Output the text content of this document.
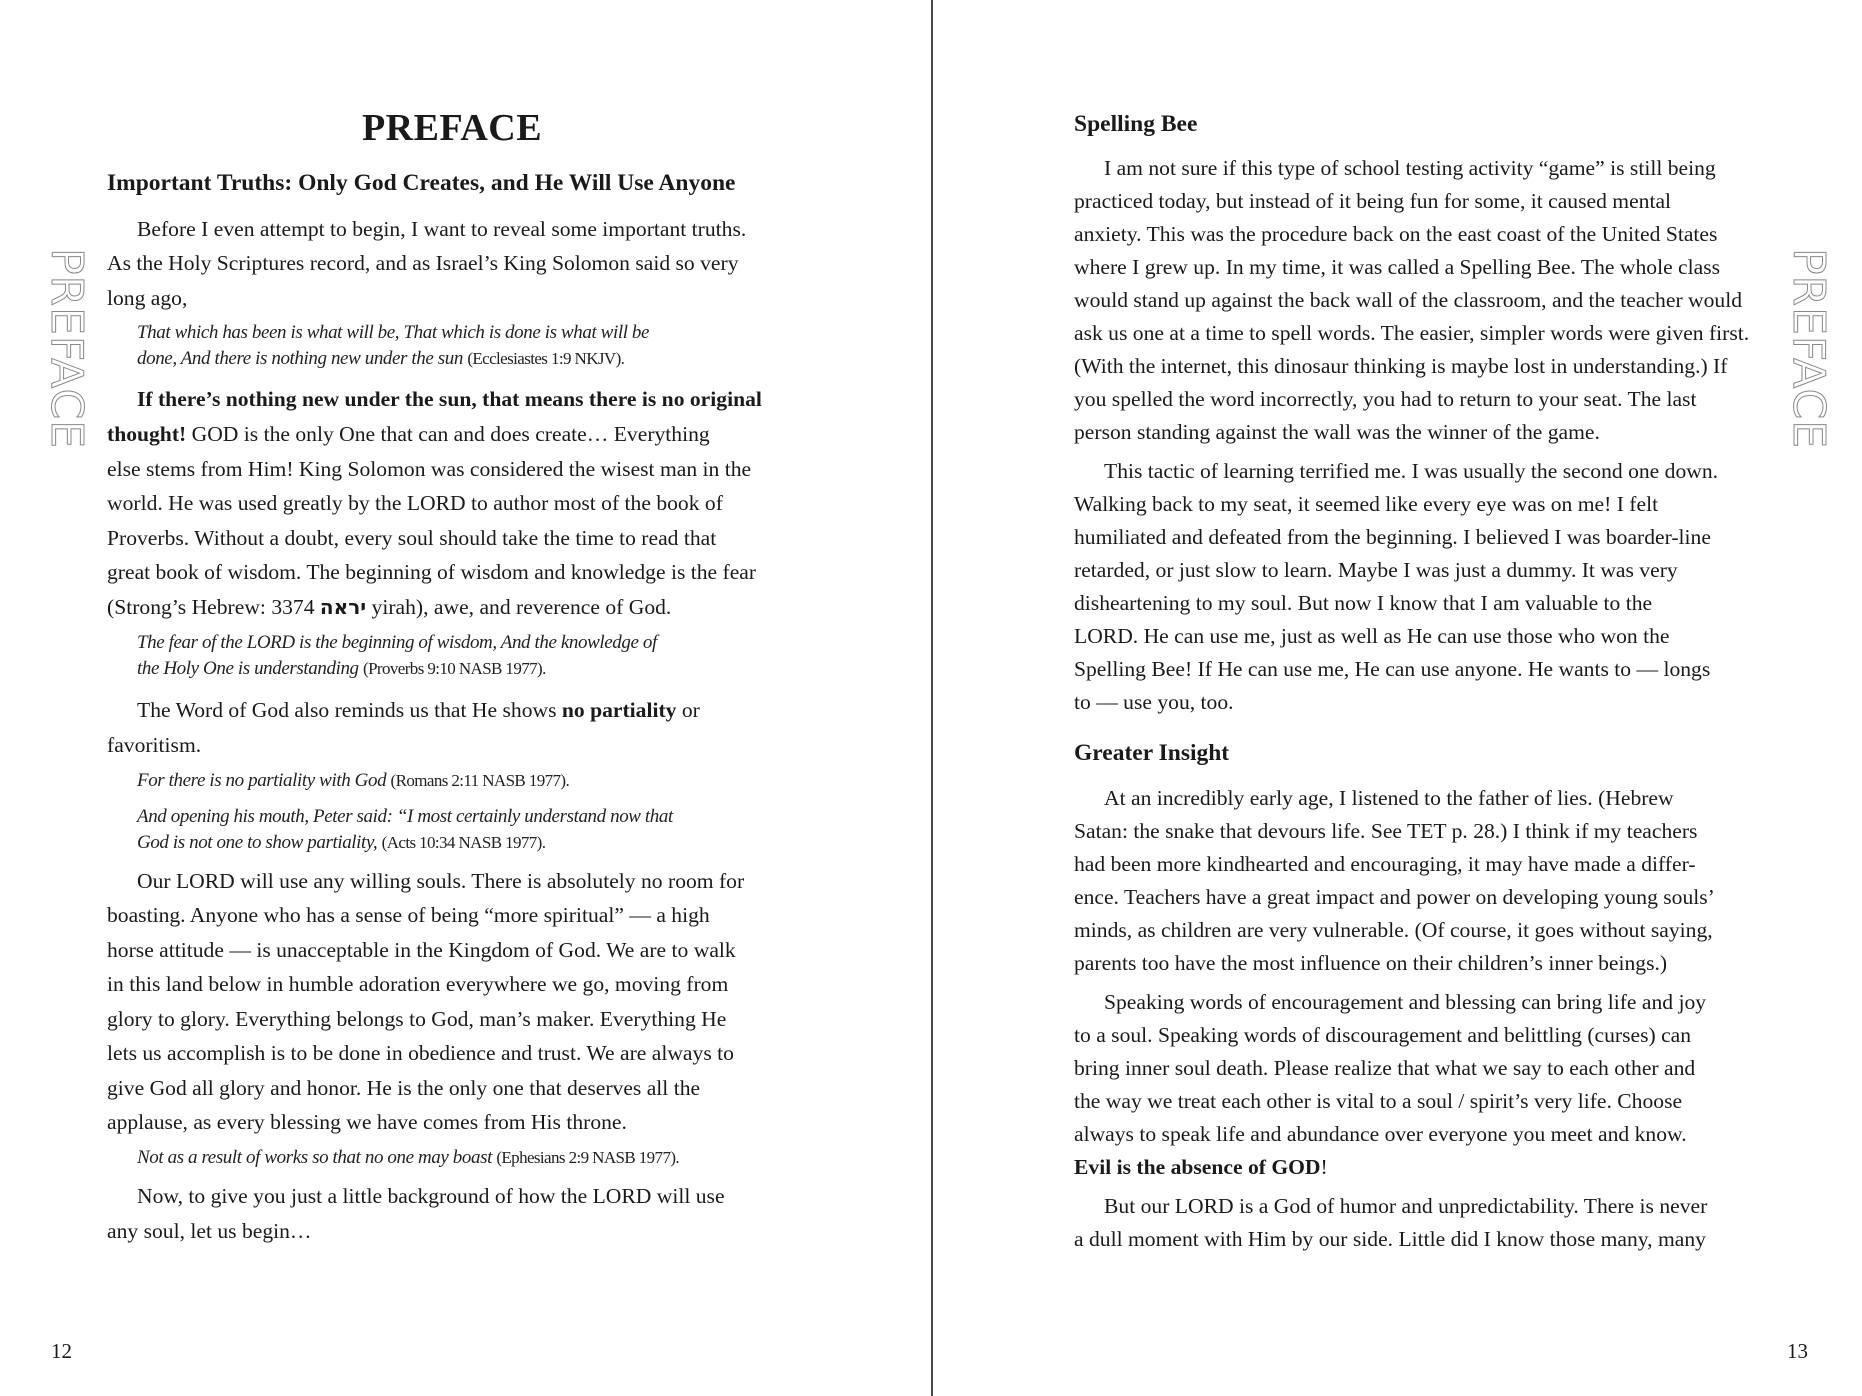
PREFACE
PREFACE
Important Truths: Only God Creates, and He Will Use Anyone
Before I even attempt to begin, I want to reveal some important truths.
As the Holy Scriptures record, and as Israel’s King Solomon said so very
long ago,
That which has been is what will be, That which is done is what will be
done, And there is nothing new under the sun (Ecclesiastes 1:9 NKJV).
If there’s nothing new under the sun, that means there is no original
thought! GOD is the only One that can and does create… Everything
else stems from Him! King Solomon was considered the wisest man in the
world. He was used greatly by the LORD to author most of the book of
Proverbs. Without a doubt, every soul should take the time to read that
great book of wisdom. The beginning of wisdom and knowledge is the fear
(Strong’s Hebrew: 3374 יראה yirah), awe, and reverence of God.
The fear of the LORD is the beginning of wisdom, And the knowledge of
the Holy One is understanding (Proverbs 9:10 NASB 1977).
The Word of God also reminds us that He shows no partiality or
favoritism.
For there is no partiality with God (Romans 2:11 NASB 1977).
And opening his mouth, Peter said: “I most certainly understand now that
God is not one to show partiality, (Acts 10:34 NASB 1977).
Our LORD will use any willing souls. There is absolutely no room for
boasting. Anyone who has a sense of being “more spiritual” — a high
horse attitude — is unacceptable in the Kingdom of God. We are to walk
in this land below in humble adoration everywhere we go, moving from
glory to glory. Everything belongs to God, man’s maker. Everything He
lets us accomplish is to be done in obedience and trust. We are always to
give God all glory and honor. He is the only one that deserves all the
applause, as every blessing we have comes from His throne.
Not as a result of works so that no one may boast (Ephesians 2:9 NASB 1977).
Now, to give you just a little background of how the LORD will use
any soul, let us begin…
12
PREFACE
Spelling Bee
I am not sure if this type of school testing activity “game” is still being
practiced today, but instead of it being fun for some, it caused mental
anxiety. This was the procedure back on the east coast of the United States
where I grew up. In my time, it was called a Spelling Bee. The whole class
would stand up against the back wall of the classroom, and the teacher would
ask us one at a time to spell words. The easier, simpler words were given first.
(With the internet, this dinosaur thinking is maybe lost in understanding.) If
you spelled the word incorrectly, you had to return to your seat. The last
person standing against the wall was the winner of the game.
This tactic of learning terrified me. I was usually the second one down.
Walking back to my seat, it seemed like every eye was on me! I felt
humiliated and defeated from the beginning. I believed I was boarder-line
retarded, or just slow to learn. Maybe I was just a dummy. It was very
disheartening to my soul. But now I know that I am valuable to the
LORD. He can use me, just as well as He can use those who won the
Spelling Bee! If He can use me, He can use anyone. He wants to — longs
to — use you, too.
Greater Insight
At an incredibly early age, I listened to the father of lies. (Hebrew
Satan: the snake that devours life. See TET p. 28.) I think if my teachers
had been more kindhearted and encouraging, it may have made a differ-
ence. Teachers have a great impact and power on developing young souls’
minds, as children are very vulnerable. (Of course, it goes without saying,
parents too have the most influence on their children’s inner beings.)
Speaking words of encouragement and blessing can bring life and joy
to a soul. Speaking words of discouragement and belittling (curses) can
bring inner soul death. Please realize that what we say to each other and
the way we treat each other is vital to a soul / spirit’s very life. Choose
always to speak life and abundance over everyone you meet and know.
Evil is the absence of GOD!
But our LORD is a God of humor and unpredictability. There is never
a dull moment with Him by our side. Little did I know those many, many
13
